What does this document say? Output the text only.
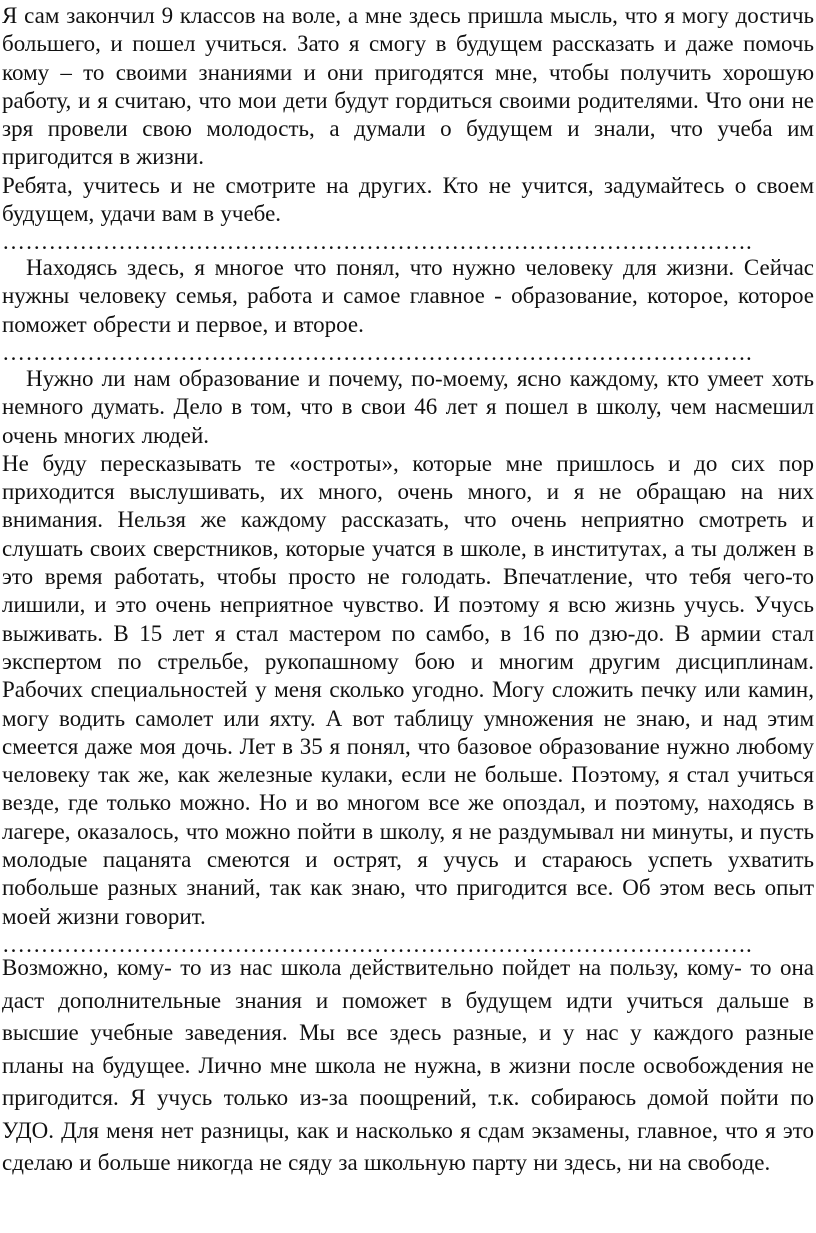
Я сам закончил 9 классов на воле, а мне здесь пришла мысль, что я могу достичь большего, и пошел учиться. Зато я смогу в будущем рассказать и даже помочь кому – то своими знаниями и они пригодятся мне, чтобы получить хорошую работу, и я считаю, что мои дети будут гордиться своими родителями. Что они не зря провели свою молодость, а думали о будущем и знали, что учеба им пригодится в жизни.

Ребята, учитесь и не смотрите на других. Кто не учится, задумайтесь о своем будущем, удачи вам в учебе.

…………………………………………………………………………………….

Находясь здесь, я многое что понял, что нужно человеку для жизни. Сейчас нужны человеку семья, работа и самое главное - образование, которое, которое поможет обрести и первое, и второе.

…………………………………………………………………………………….

Нужно ли нам образование и почему, по-моему, ясно каждому, кто умеет хоть немного думать. Дело в том, что в свои 46 лет я пошел в школу, чем насмешил очень многих людей.

Не буду пересказывать те «остроты», которые мне пришлось и до сих пор приходится выслушивать, их много, очень много, и я не обращаю на них внимания. Нельзя же каждому рассказать, что очень неприятно смотреть и слушать своих сверстников, которые учатся в школе, в институтах, а ты должен в это время работать, чтобы просто не голодать. Впечатление, что тебя чего-то лишили, и это очень неприятное чувство. И поэтому я всю жизнь учусь. Учусь выживать. В 15 лет я стал мастером по самбо, в 16 по дзю-до. В армии стал экспертом по стрельбе, рукопашному бою и многим другим дисциплинам. Рабочих специальностей у меня сколько угодно. Могу сложить печку или камин, могу водить самолет или яхту. А вот таблицу умножения не знаю, и над этим смеется даже моя дочь. Лет в 35 я понял, что базовое образование нужно любому человеку так же, как железные кулаки, если не больше. Поэтому, я стал учиться везде, где только можно. Но и во многом все же опоздал, и поэтому, находясь в лагере, оказалось, что можно пойти в школу, я не раздумывал ни минуты, и пусть молодые пацанята смеются и острят, я учусь и стараюсь успеть ухватить побольше разных знаний, так как знаю, что пригодится все. Об этом весь опыт моей жизни говорит.

…………………………………………………………………………………….

Возможно, кому- то из нас школа действительно пойдет на пользу, кому- то она даст дополнительные знания и поможет в будущем идти учиться дальше в высшие учебные заведения. Мы все здесь разные, и у нас у каждого разные планы на будущее. Лично мне школа не нужна, в жизни после освобождения не пригодится. Я учусь только из-за поощрений, т.к. собираюсь домой пойти по УДО. Для меня нет разницы, как и насколько я сдам экзамены, главное, что я это сделаю и больше никогда не сяду за школьную парту ни здесь, ни на свободе.
